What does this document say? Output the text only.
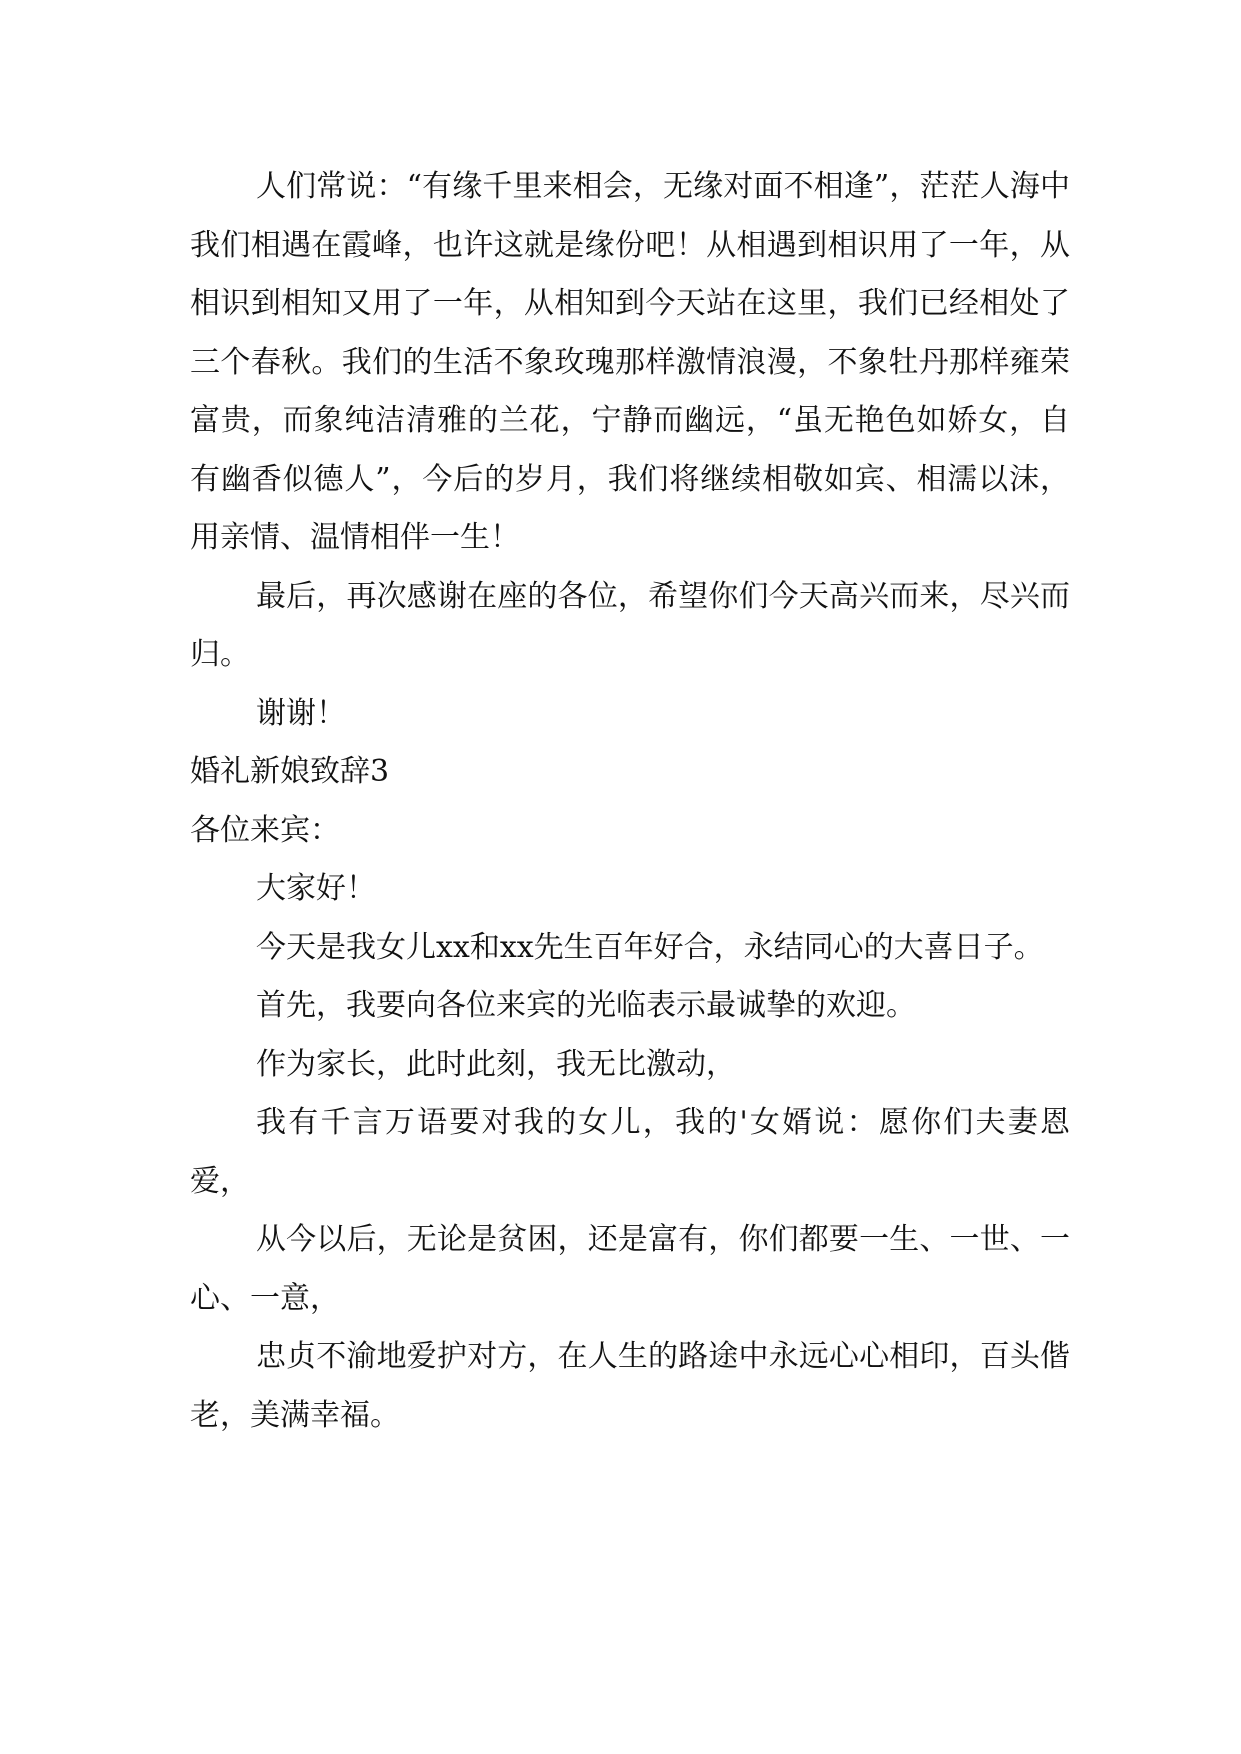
人们常说：“有缘千里来相会，无缘对面不相逢”，茫茫人海中我们相遇在霞峰，也许这就是缘份吧！从相遇到相识用了一年，从相识到相知又用了一年，从相知到今天站在这里，我们已经相处了三个春秋。我们的生活不象玫瑰那样激情浪漫，不象牡丹那样雍荣富贵，而象纯洁清雅的兰花，宁静而幽远，“虽无艳色如娇女，自有幽香似德人”，今后的岁月，我们将继续相敬如宾、相濡以沫，用亲情、温情相伴一生！

最后，再次感谢在座的各位，希望你们今天高兴而来，尽兴而归。

谢谢！

婚礼新娘致辞3

各位来宾：

大家好！

今天是我女儿xx和xx先生百年好合，永结同心的大喜日子。

首先，我要向各位来宾的光临表示最诚挚的欢迎。

作为家长，此时此刻，我无比激动，

我有千言万语要对我的女儿，我的'女婿说：愿你们夫妻恩爱，

从今以后，无论是贫困，还是富有，你们都要一生、一世、一心、一意，

忠贞不渝地爱护对方，在人生的路途中永远心心相印，百头偕老，美满幸福。
